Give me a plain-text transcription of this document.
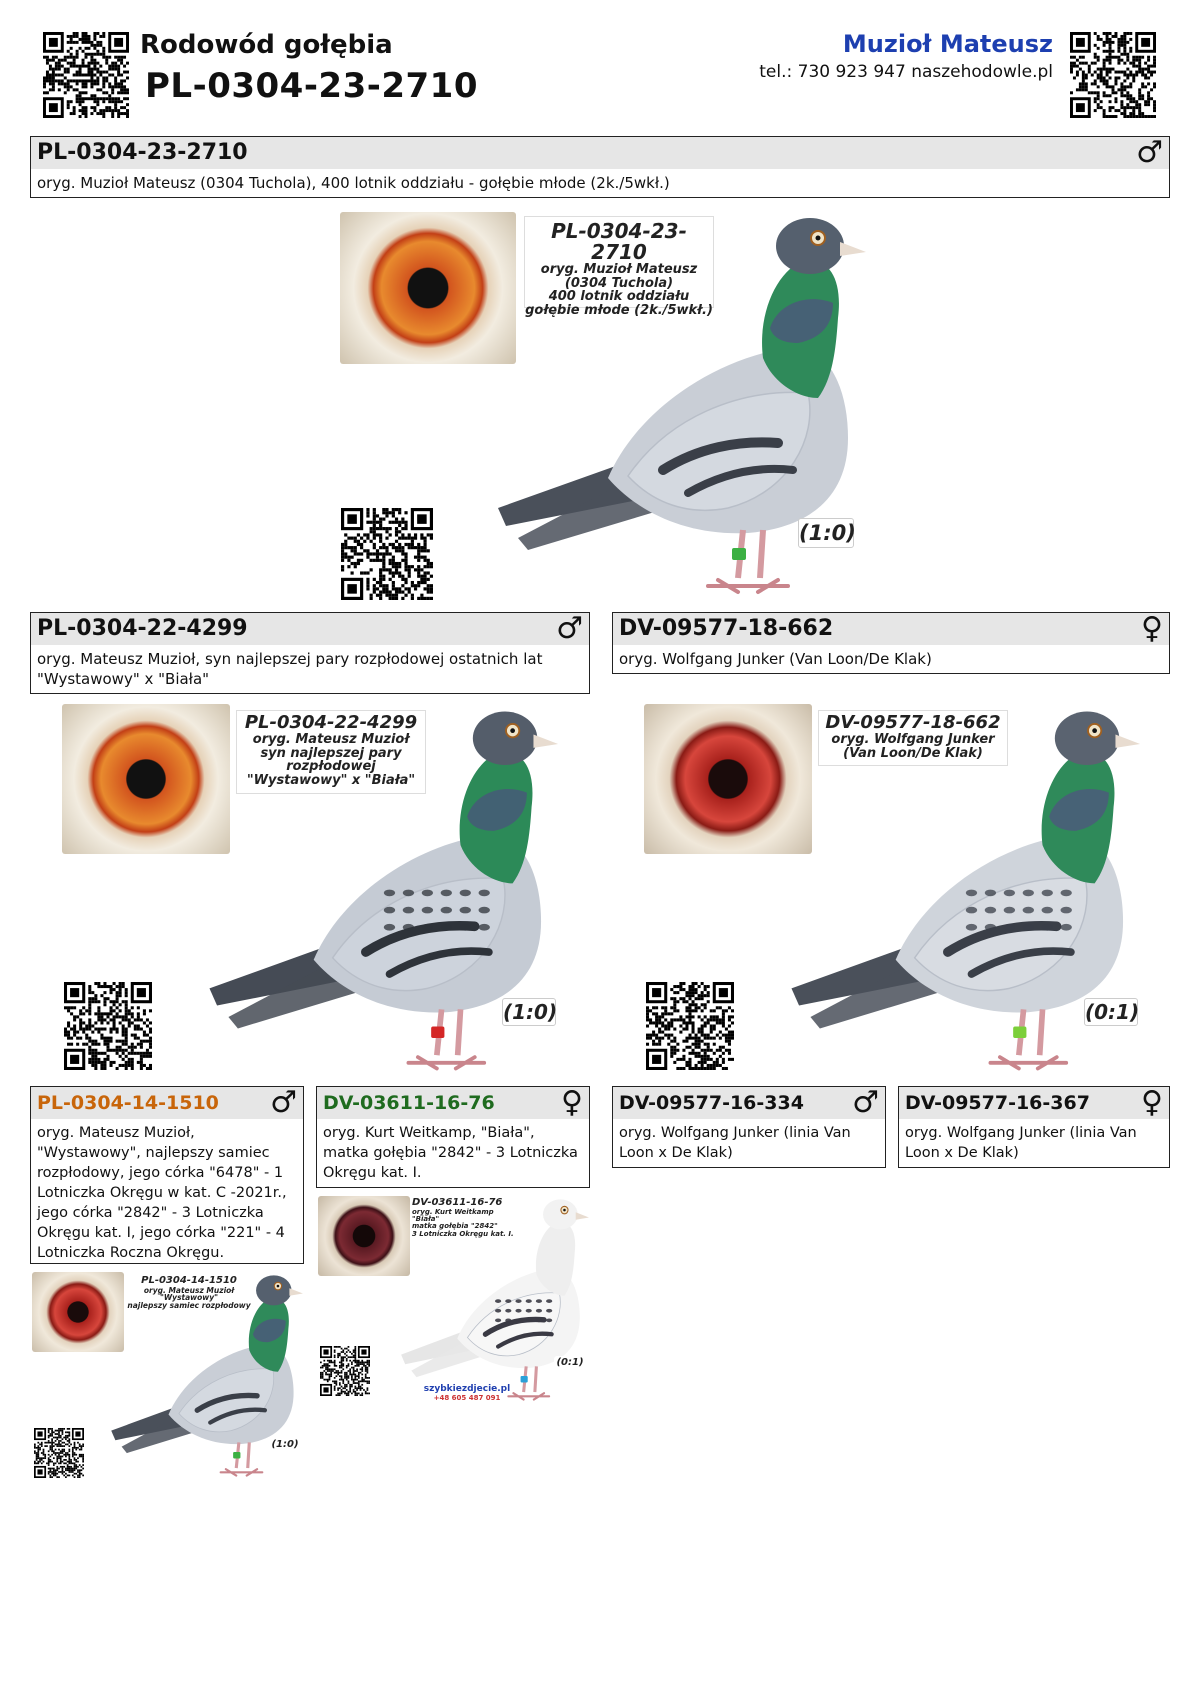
Rodowód gołębia
PL-0304-23-2710
Muzioł Mateusz
tel.: 730 923 947 naszehodowle.pl
PL-0304-23-2710	♂
oryg. Muzioł Mateusz (0304 Tuchola), 400 lotnik oddziału - gołębie młode (2k./5wkł.)
PL-0304-23-2710
oryg. Muzioł Mateusz
(0304 Tuchola)
400 lotnik oddziału
gołębie młode (2k./5wkł.)
(1:0)
PL-0304-22-4299	♂
oryg. Mateusz Muzioł, syn najlepszej pary rozpłodowej ostatnich lat "Wystawowy" x "Biała"
DV-09577-18-662	♀
oryg. Wolfgang Junker (Van Loon/De Klak)
PL-0304-22-4299
oryg. Mateusz Muzioł
syn najlepszej pary
rozpłodowej
"Wystawowy" x "Biała"
(1:0)
DV-09577-18-662
oryg. Wolfgang Junker
(Van Loon/De Klak)
(0:1)
PL-0304-14-1510 ♂
oryg. Mateusz Muzioł, "Wystawowy", najlepszy samiec rozpłodowy, jego córka "6478" - 1 Lotniczka Okręgu w kat. C -2021r., jego córka "2842" - 3 Lotniczka Okręgu kat. I, jego córka "221" - 4 Lotniczka Roczna Okręgu.
DV-03611-16-76 ♀
oryg. Kurt Weitkamp, "Biała", matka gołębia "2842" - 3 Lotniczka Okręgu kat. I.
DV-09577-16-334 ♂
oryg. Wolfgang Junker (linia Van Loon x De Klak)
DV-09577-16-367 ♀
oryg. Wolfgang Junker (linia Van Loon x De Klak)
PL-0304-14-1510
oryg. Mateusz Muzioł
"Wystawowy"
najlepszy samiec rozpłodowy
(1:0)
DV-03611-16-76
oryg. Kurt Weitkamp
"Biała"
matka gołębia "2842"
3 Lotniczka Okręgu kat. I.
(0:1)
szybkiezdjecie.pl
+48 605 487 091
